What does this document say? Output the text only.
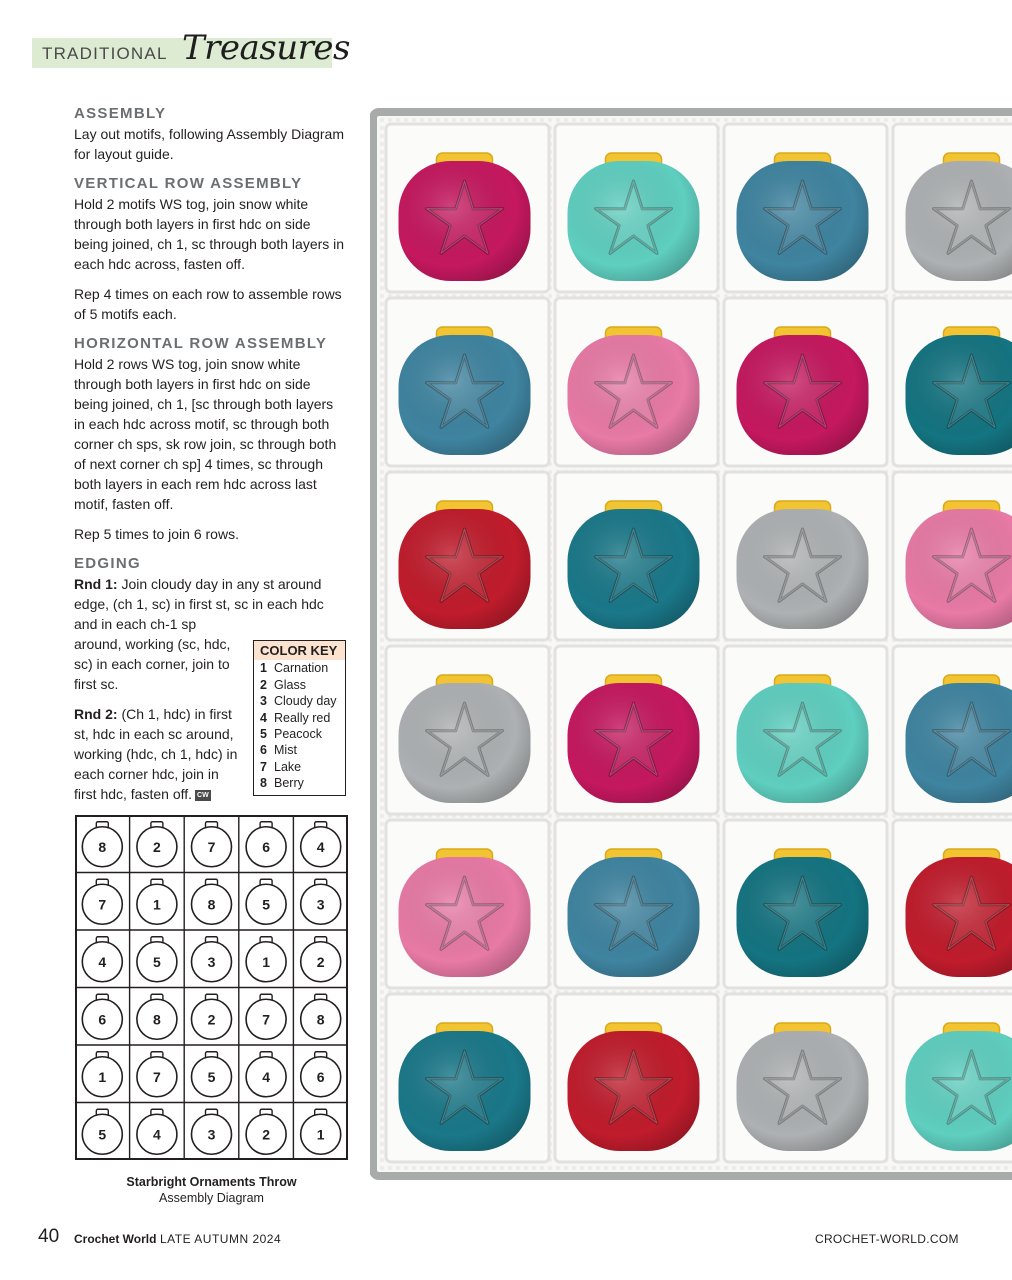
TRADITIONAL Treasures

ASSEMBLY

Lay out motifs, following Assembly Diagram for layout guide.

VERTICAL ROW ASSEMBLY

Hold 2 motifs WS tog, join snow white through both layers in first hdc on side being joined, ch 1, sc through both layers in each hdc across, fasten off.

Rep 4 times on each row to assemble rows of 5 motifs each.

HORIZONTAL ROW ASSEMBLY

Hold 2 rows WS tog, join snow white through both layers in first hdc on side being joined, ch 1, [sc through both layers in each hdc across motif, sc through both corner ch sps, sk row join, sc through both of next corner ch sp] 4 times, sc through both layers in each rem hdc across last motif, fasten off.

Rep 5 times to join 6 rows.

EDGING

Rnd 1: Join cloudy day in any st around edge, (ch 1, sc) in first st, sc in each hdc

and in each ch-1 sp around, working (sc, hdc, sc) in each corner, join to first sc.

Rnd 2: (Ch 1, hdc) in first st, hdc in each sc around, working (hdc, ch 1, hdc) in each corner hdc, join in first hdc, fasten off. CW

COLOR KEY
1 Carnation
2 Glass
3 Cloudy day
4 Really red
5 Peacock
6 Mist
7 Lake
8 Berry
8	2	7	6	4
7	1	8	5	3
4	5	3	1	2
6	8	2	7	8
1	7	5	4	6
5	4	3	2	1
Starbright Ornaments Throw
Assembly Diagram
40 Crochet World LATE AUTUMN 2024	CROCHET-WORLD.COM
